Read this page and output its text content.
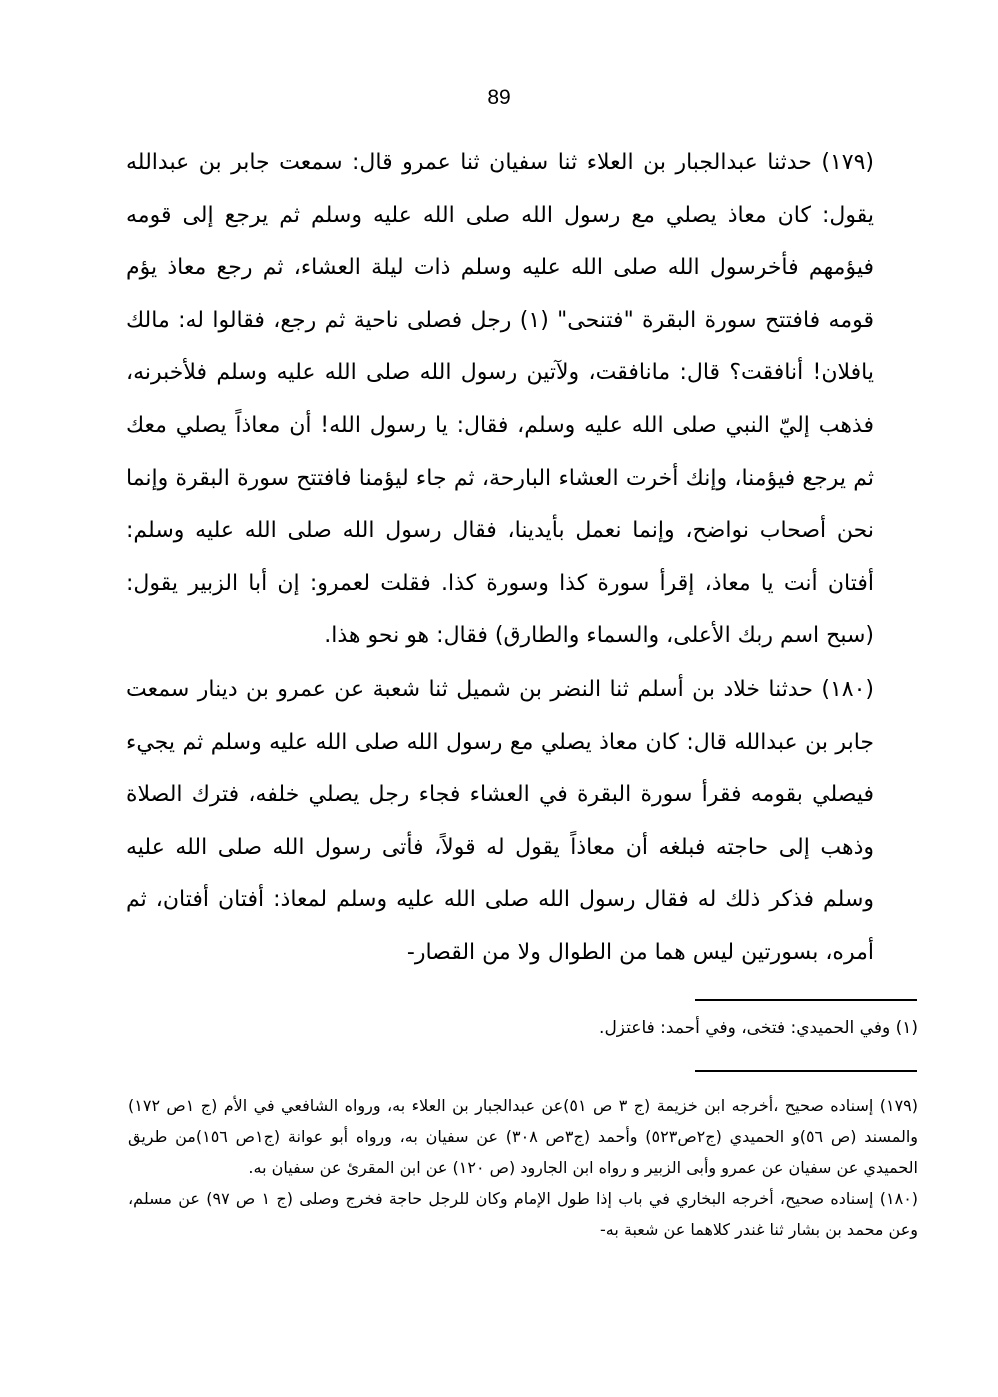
89

(١٧٩) حدثنا عبدالجبار بن العلاء ثنا سفيان ثنا عمرو قال: سمعت جابر بن عبدالله يقول: كان معاذ يصلي مع رسول الله صلى الله عليه وسلم ثم يرجع إلى قومه فيؤمهم فأخرسول الله صلى الله عليه وسلم ذات ليلة العشاء، ثم رجع معاذ يؤم قومه فافتتح سورة البقرة "فتنحى" (١) رجل فصلى ناحية ثم رجع، فقالوا له: مالك يافلان! أنافقت؟ قال: مانافقت، ولآتين رسول الله صلى الله عليه وسلم فلأخبرنه، فذهب إليّ النبي صلى الله عليه وسلم، فقال: يا رسول الله! أن معاذاً يصلي معك ثم يرجع فيؤمنا، وإنك أخرت العشاء البارحة، ثم جاء ليؤمنا فافتتح سورة البقرة وإنما نحن أصحاب نواضح، وإنما نعمل بأيدينا، فقال رسول الله صلى الله عليه وسلم: أفتان أنت يا معاذ، إقرأ سورة كذا وسورة كذا. فقلت لعمرو: إن أبا الزبير يقول: (سبح اسم ربك الأعلى، والسماء والطارق) فقال: هو نحو هذا.

(١٨٠) حدثنا خلاد بن أسلم ثنا النضر بن شميل ثنا شعبة عن عمرو بن دينار سمعت جابر بن عبدالله قال: كان معاذ يصلي مع رسول الله صلى الله عليه وسلم ثم يجيء فيصلي بقومه فقرأ سورة البقرة في العشاء فجاء رجل يصلي خلفه، فترك الصلاة وذهب إلى حاجته فبلغه أن معاذاً يقول له قولاً، فأتى رسول الله صلى الله عليه وسلم فذكر ذلك له فقال رسول الله صلى الله عليه وسلم لمعاذ: أفتان أفتان، ثم أمره، بسورتين ليس هما من الطوال ولا من القصار-

(١) وفي الحميدي: فتخى، وفي أحمد: فاعتزل.

(١٧٩) إسناده صحيح ،أخرجه ابن خزيمة (ج ٣ ص ٥١)عن عبدالجبار بن العلاء به، ورواه الشافعي في الأم (ج ١ص ١٧٢) والمسند (ص ٥٦)و الحميدي (ج٢ص٥٢٣) وأحمد (ج٣ص ٣٠٨) عن سفيان به، ورواه أبو عوانة (ج١ص ١٥٦)من طريق الحميدي عن سفيان عن عمرو وأبى الزبير و رواه ابن الجارود (ص ١٢٠) عن ابن المقرئ عن سفيان به.

(١٨٠) إسناده صحيح، أخرجه البخاري في باب إذا طول الإمام وكان للرجل حاجة فخرج وصلى (ج ١ ص ٩٧) عن مسلم، وعن محمد بن بشار ثنا غندر كلاهما عن شعبة به-
